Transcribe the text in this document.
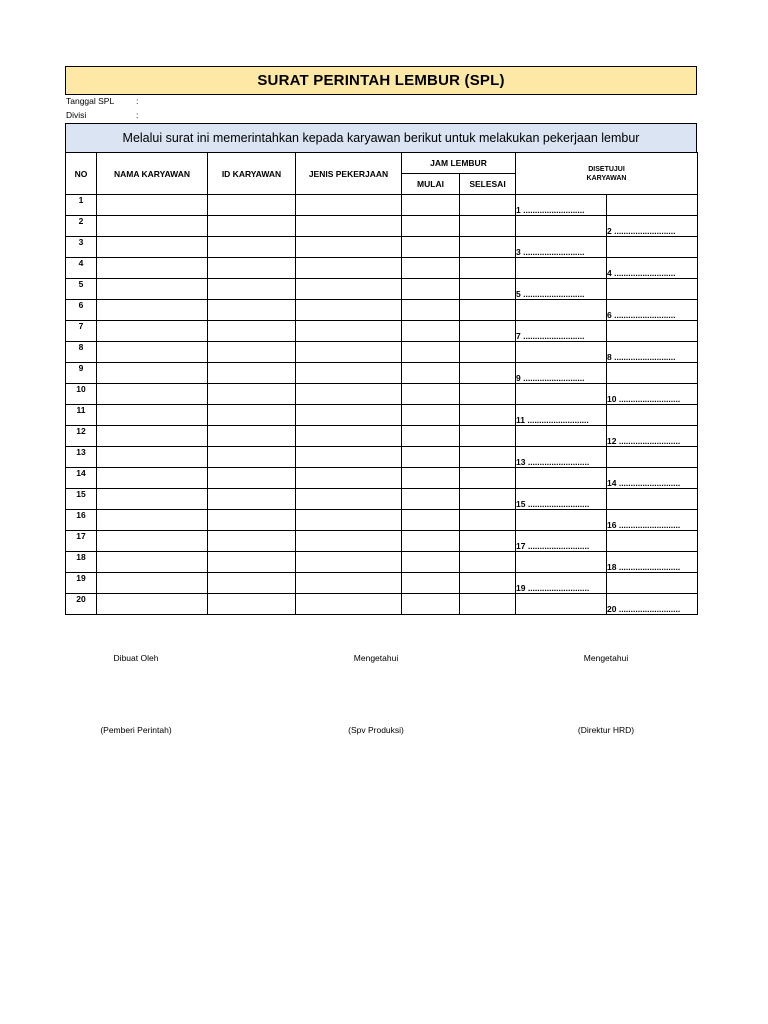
SURAT PERINTAH LEMBUR (SPL)
Tanggal SPL	:
Divisi	:
Melalui surat ini memerintahkan kepada karyawan berikut untuk melakukan pekerjaan lembur
NO	NAMA KARYAWAN	ID KARYAWAN	JENIS PEKERJAAN	JAM LEMBUR		DISETUJUI
KARYAWAN	

				MULAI	SELESAI		
1						1 ..........................	
2							2 ..........................
3						3 ..........................	
4							4 ..........................
5						5 ..........................	
6							6 ..........................
7						7 ..........................	
8							8 ..........................
9						9 ..........................	
10							10 ..........................
11						11 ..........................	
12							12 ..........................
13						13 ..........................	
14							14 ..........................
15						15 ..........................	
16							16 ..........................
17						17 ..........................	
18							18 ..........................
19						19 ..........................	
20							20 ..........................
Dibuat Oleh	Mengetahui	Mengetahui
(Pemberi Perintah)	(Spv Produksi)	(Direktur HRD)
